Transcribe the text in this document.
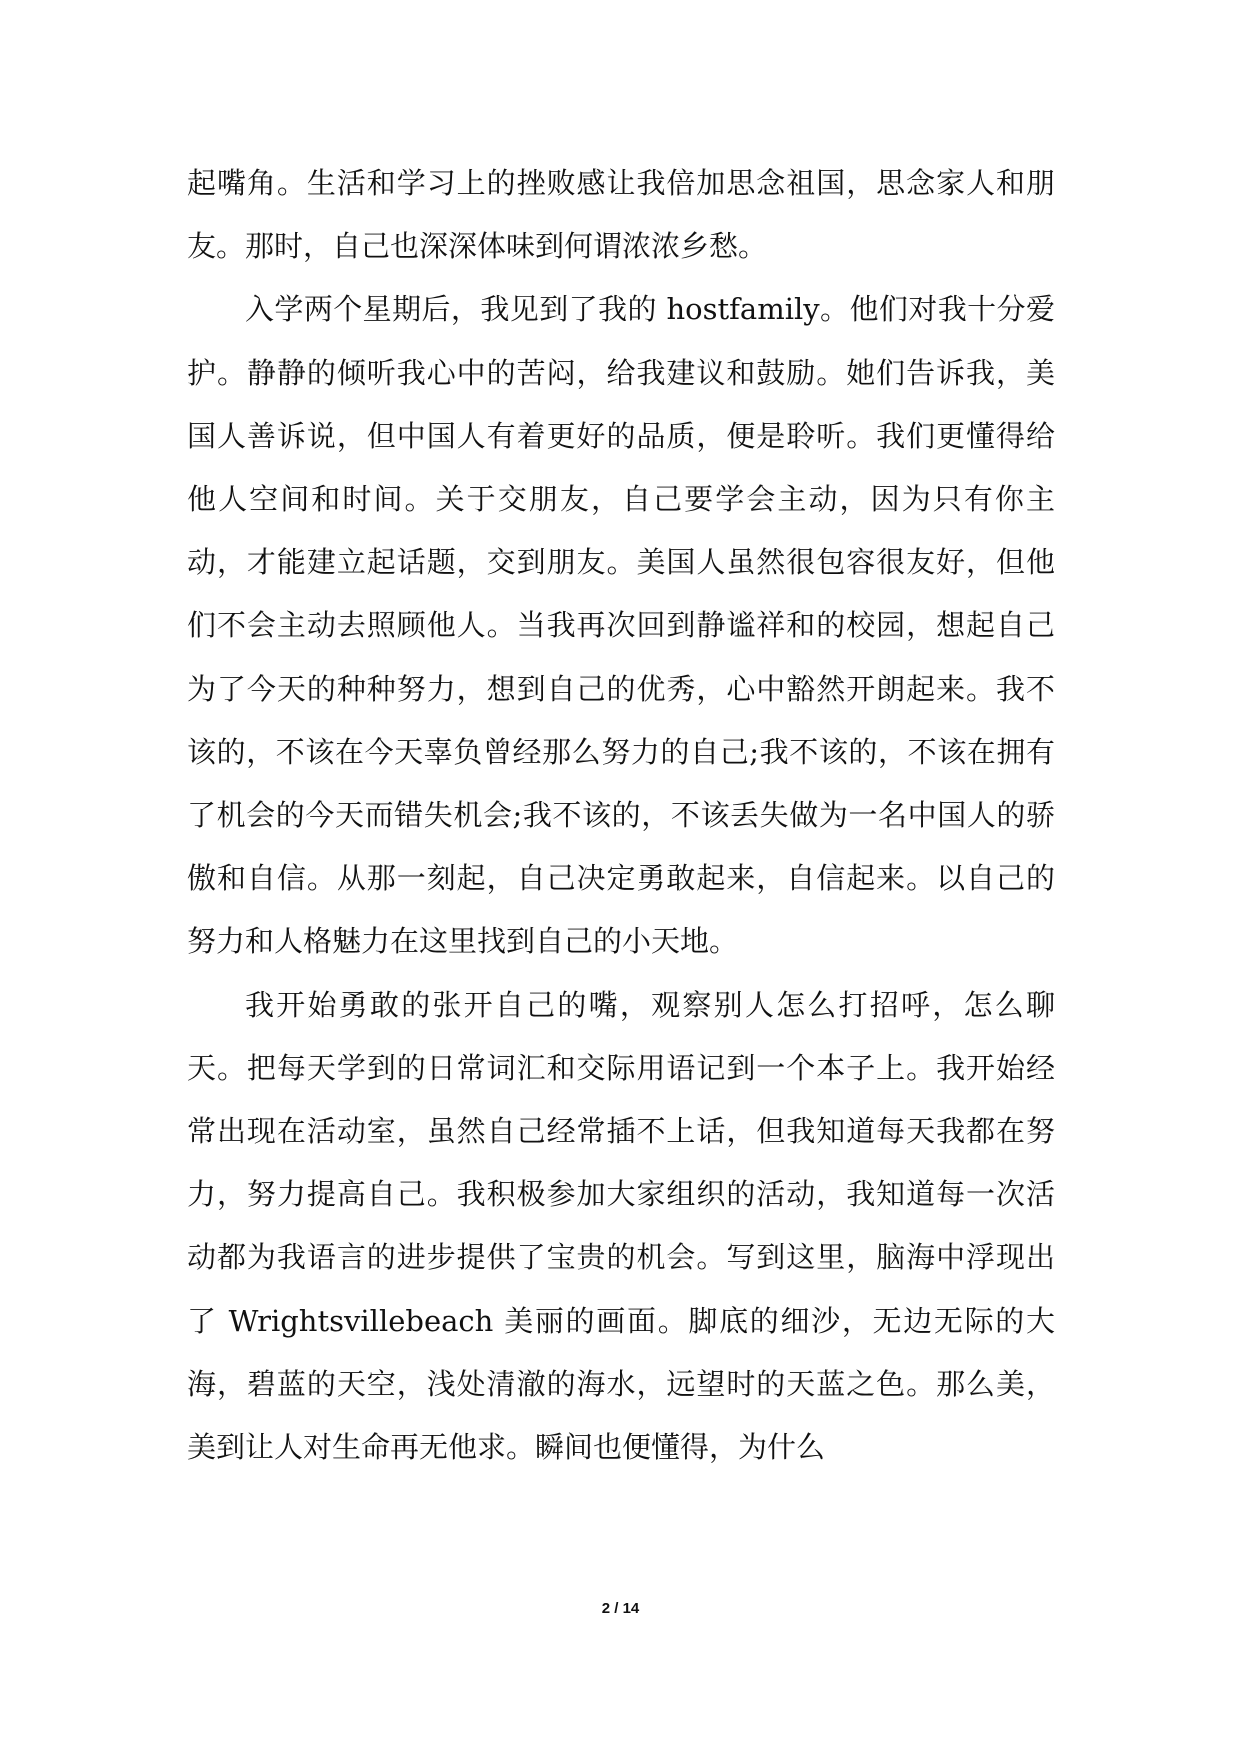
起嘴角。生活和学习上的挫败感让我倍加思念祖国，思念家人和朋友。那时，自己也深深体味到何谓浓浓乡愁。

入学两个星期后，我见到了我的 hostfamily。他们对我十分爱护。静静的倾听我心中的苦闷，给我建议和鼓励。她们告诉我，美国人善诉说，但中国人有着更好的品质，便是聆听。我们更懂得给他人空间和时间。关于交朋友，自己要学会主动，因为只有你主动，才能建立起话题，交到朋友。美国人虽然很包容很友好，但他们不会主动去照顾他人。当我再次回到静谧祥和的校园，想起自己为了今天的种种努力，想到自己的优秀，心中豁然开朗起来。我不该的，不该在今天辜负曾经那么努力的自己;我不该的，不该在拥有了机会的今天而错失机会;我不该的，不该丢失做为一名中国人的骄傲和自信。从那一刻起，自己决定勇敢起来，自信起来。以自己的努力和人格魅力在这里找到自己的小天地。

我开始勇敢的张开自己的嘴，观察别人怎么打招呼，怎么聊天。把每天学到的日常词汇和交际用语记到一个本子上。我开始经常出现在活动室，虽然自己经常插不上话，但我知道每天我都在努力，努力提高自己。我积极参加大家组织的活动，我知道每一次活动都为我语言的进步提供了宝贵的机会。写到这里，脑海中浮现出了 Wrightsvillebeach 美丽的画面。脚底的细沙，无边无际的大海，碧蓝的天空，浅处清澈的海水，远望时的天蓝之色。那么美，美到让人对生命再无他求。瞬间也便懂得，为什么

2 / 14
